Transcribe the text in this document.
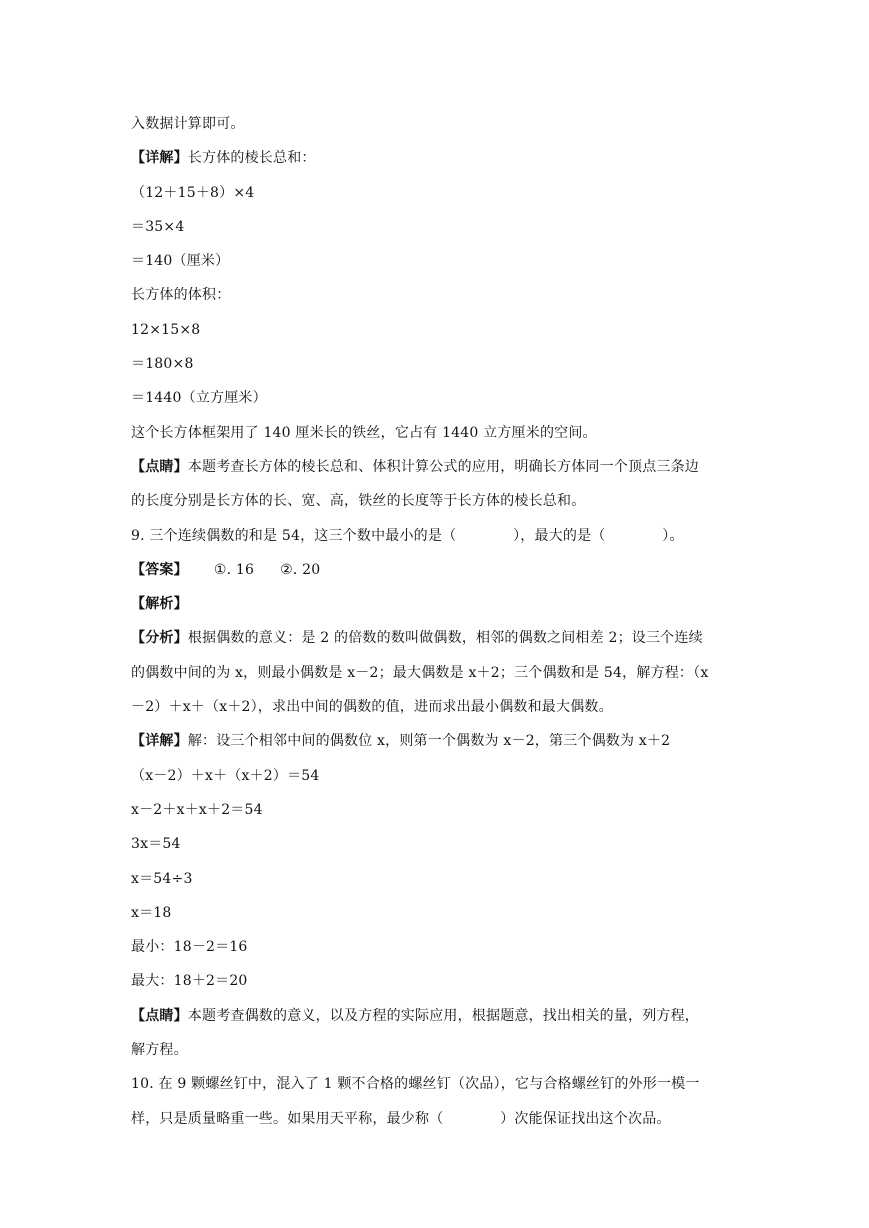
入数据计算即可。
【详解】长方体的棱长总和：
（12＋15＋8）×4
＝35×4
＝140（厘米）
长方体的体积：
12×15×8
＝180×8
＝1440（立方厘米）
这个长方体框架用了 140 厘米长的铁丝，它占有 1440 立方厘米的空间。
【点睛】本题考查长方体的棱长总和、体积计算公式的应用，明确长方体同一个顶点三条边
的长度分别是长方体的长、宽、高，铁丝的长度等于长方体的棱长总和。
9. 三个连续偶数的和是 54，这三个数中最小的是（　　　　），最大的是（　　　　）。
【答案】 ①. 16 ②. 20
【解析】
【分析】根据偶数的意义：是 2 的倍数的数叫做偶数，相邻的偶数之间相差 2；设三个连续
的偶数中间的为 x，则最小偶数是 x－2；最大偶数是 x＋2；三个偶数和是 54，解方程：（x
－2）＋x＋（x＋2），求出中间的偶数的值，进而求出最小偶数和最大偶数。
【详解】解：设三个相邻中间的偶数位 x，则第一个偶数为 x－2，第三个偶数为 x＋2
（x－2）＋x＋（x＋2）＝54
x－2＋x＋x＋2＝54
3x＝54
x＝54÷3
x＝18
最小：18－2＝16
最大：18＋2＝20
【点睛】本题考查偶数的意义，以及方程的实际应用，根据题意，找出相关的量，列方程，
解方程。
10. 在 9 颗螺丝钉中，混入了 1 颗不合格的螺丝钉（次品），它与合格螺丝钉的外形一模一
样，只是质量略重一些。如果用天平称，最少称（　　　　）次能保证找出这个次品。
